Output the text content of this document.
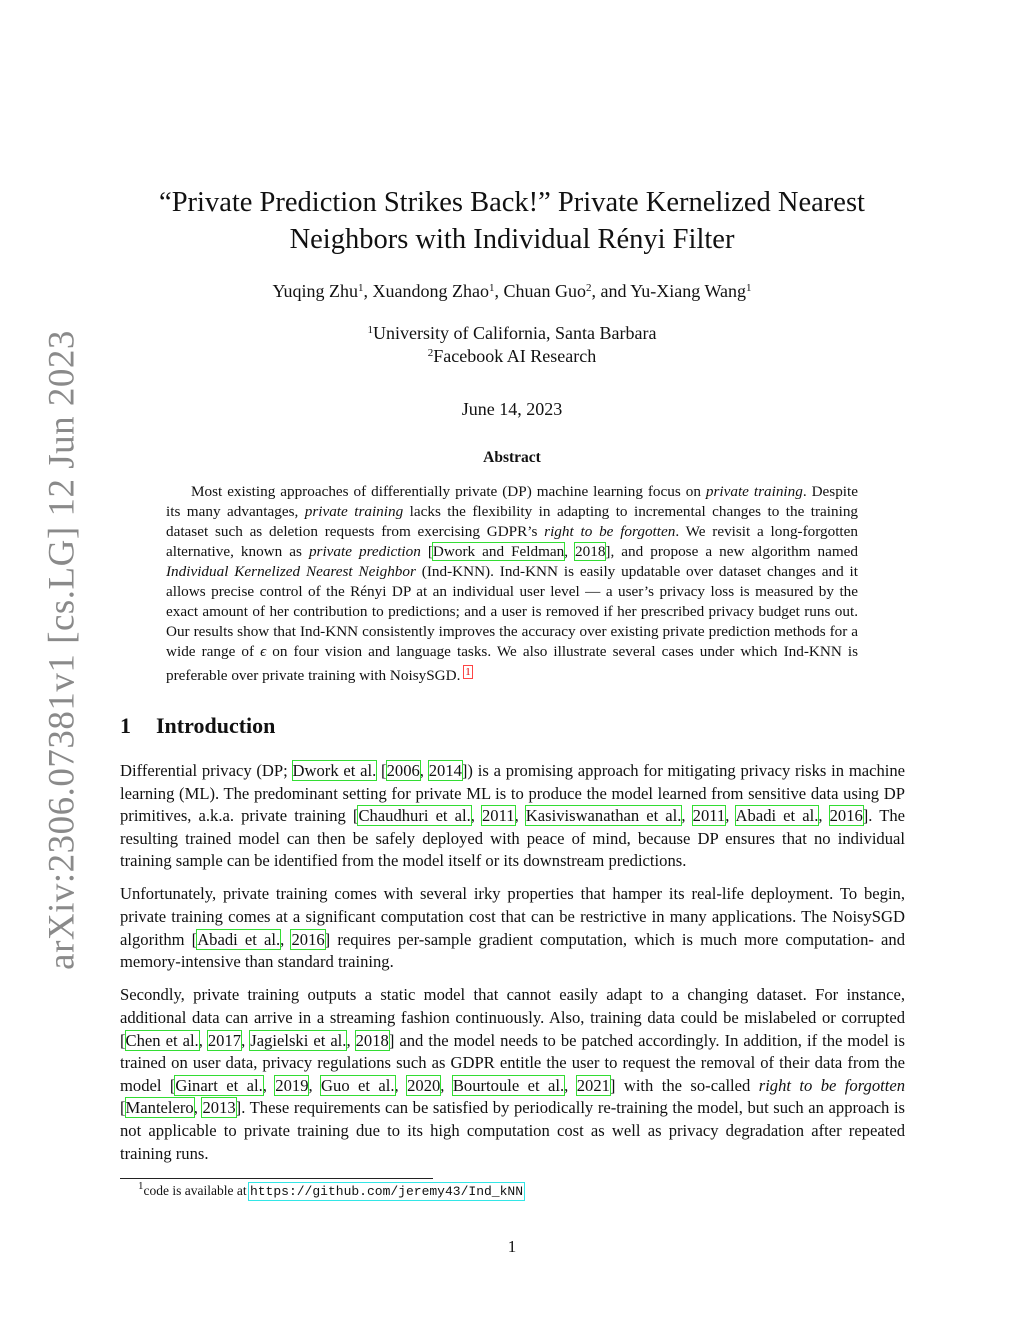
arXiv:2306.07381v1 [cs.LG] 12 Jun 2023
“Private Prediction Strikes Back!” Private Kernelized Nearest Neighbors with Individual Rényi Filter
Yuqing Zhu$^1$, Xuandong Zhao$^1$, Chuan Guo$^2$, and Yu-Xiang Wang$^1$
$^1$University of California, Santa Barbara
$^2$Facebook AI Research
June 14, 2023
Abstract

Most existing approaches of differentially private (DP) machine learning focus on private training. Despite its many advantages, private training lacks the flexibility in adapting to incremental changes to the training dataset such as deletion requests from exercising GDPR’s right to be forgotten. We revisit a long-forgotten alternative, known as private prediction [Dwork and Feldman, 2018], and propose a new algorithm named Individual Kernelized Nearest Neighbor (Ind-KNN). Ind-KNN is easily updatable over dataset changes and it allows precise control of the Rényi DP at an individual user level — a user’s privacy loss is measured by the exact amount of her contribution to predictions; and a user is removed if her prescribed privacy budget runs out. Our results show that Ind-KNN consistently improves the accuracy over existing private prediction methods for a wide range of ϵ on four vision and language tasks. We also illustrate several cases under which Ind-KNN is preferable over private training with NoisySGD. $^1$

1 Introduction

Differential privacy (DP; Dwork et al. [2006, 2014]) is a promising approach for mitigating privacy risks in machine learning (ML). The predominant setting for private ML is to produce the model learned from sensitive data using DP primitives, a.k.a. private training [Chaudhuri et al., 2011, Kasiviswanathan et al., 2011, Abadi et al., 2016]. The resulting trained model can then be safely deployed with peace of mind, because DP ensures that no individual training sample can be identified from the model itself or its downstream predictions.

Unfortunately, private training comes with several irky properties that hamper its real-life deployment. To begin, private training comes at a significant computation cost that can be restrictive in many applications. The NoisySGD algorithm [Abadi et al., 2016] requires per-sample gradient computation, which is much more computation- and memory-intensive than standard training.

Secondly, private training outputs a static model that cannot easily adapt to a changing dataset. For instance, additional data can arrive in a streaming fashion continuously. Also, training data could be mislabeled or corrupted [Chen et al., 2017, Jagielski et al., 2018] and the model needs to be patched accordingly. In addition, if the model is trained on user data, privacy regulations such as GDPR entitle the user to request the removal of their data from the model [Ginart et al., 2019, Guo et al., 2020, Bourtoule et al., 2021] with the so-called right to be forgotten [Mantelero, 2013]. These requirements can be satisfied by periodically re-training the model, but such an approach is not applicable to private training due to its high computation cost as well as privacy degradation after repeated training runs.

$^1$code is available at https://github.com/jeremy43/Ind_kNN
1
